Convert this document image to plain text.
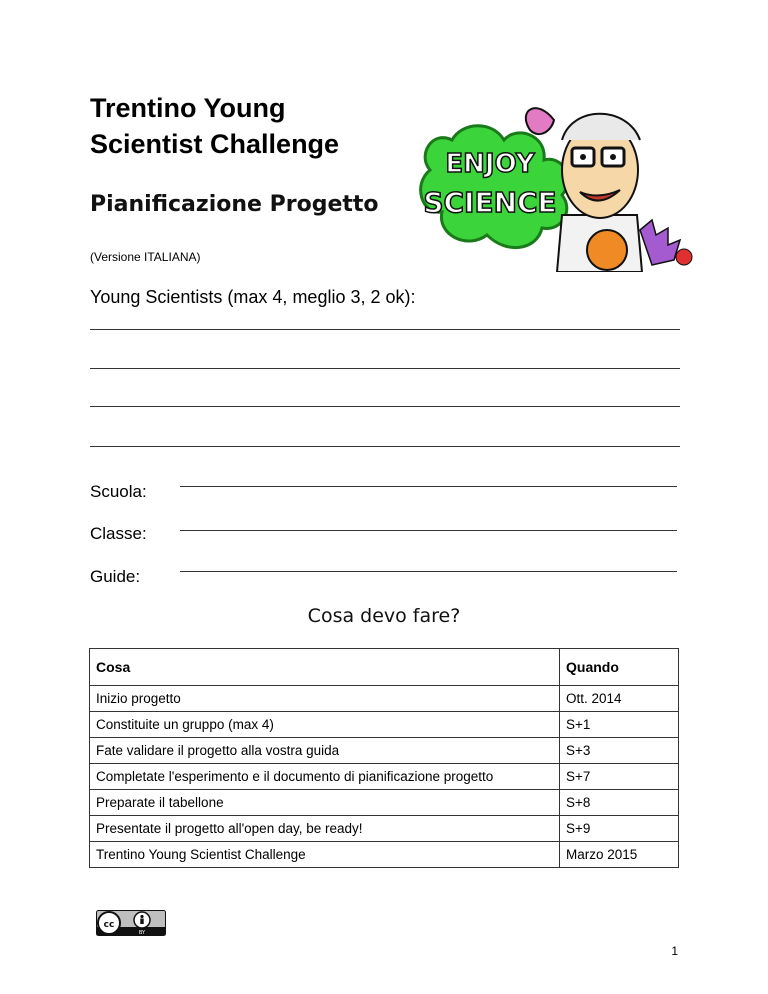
Trentino Young
Scientist Challenge
Pianificazione Progetto
(Versione ITALIANA)
ENJOY
SCIENCE
Young Scientists (max 4, meglio 3, 2 ok):
Scuola:
Classe:
Guide:
Cosa devo fare?
Cosa	Quando
Inizio progetto	Ott. 2014
Constituite un gruppo (max 4)	S+1
Fate validare il progetto alla vostra guida	S+3
Completate l'esperimento e il documento di pianificazione progetto	S+7
Preparate il tabellone	S+8
Presentate il progetto all'open day, be ready!	S+9
Trentino Young Scientist Challenge	Marzo 2015
cc
BY
1
